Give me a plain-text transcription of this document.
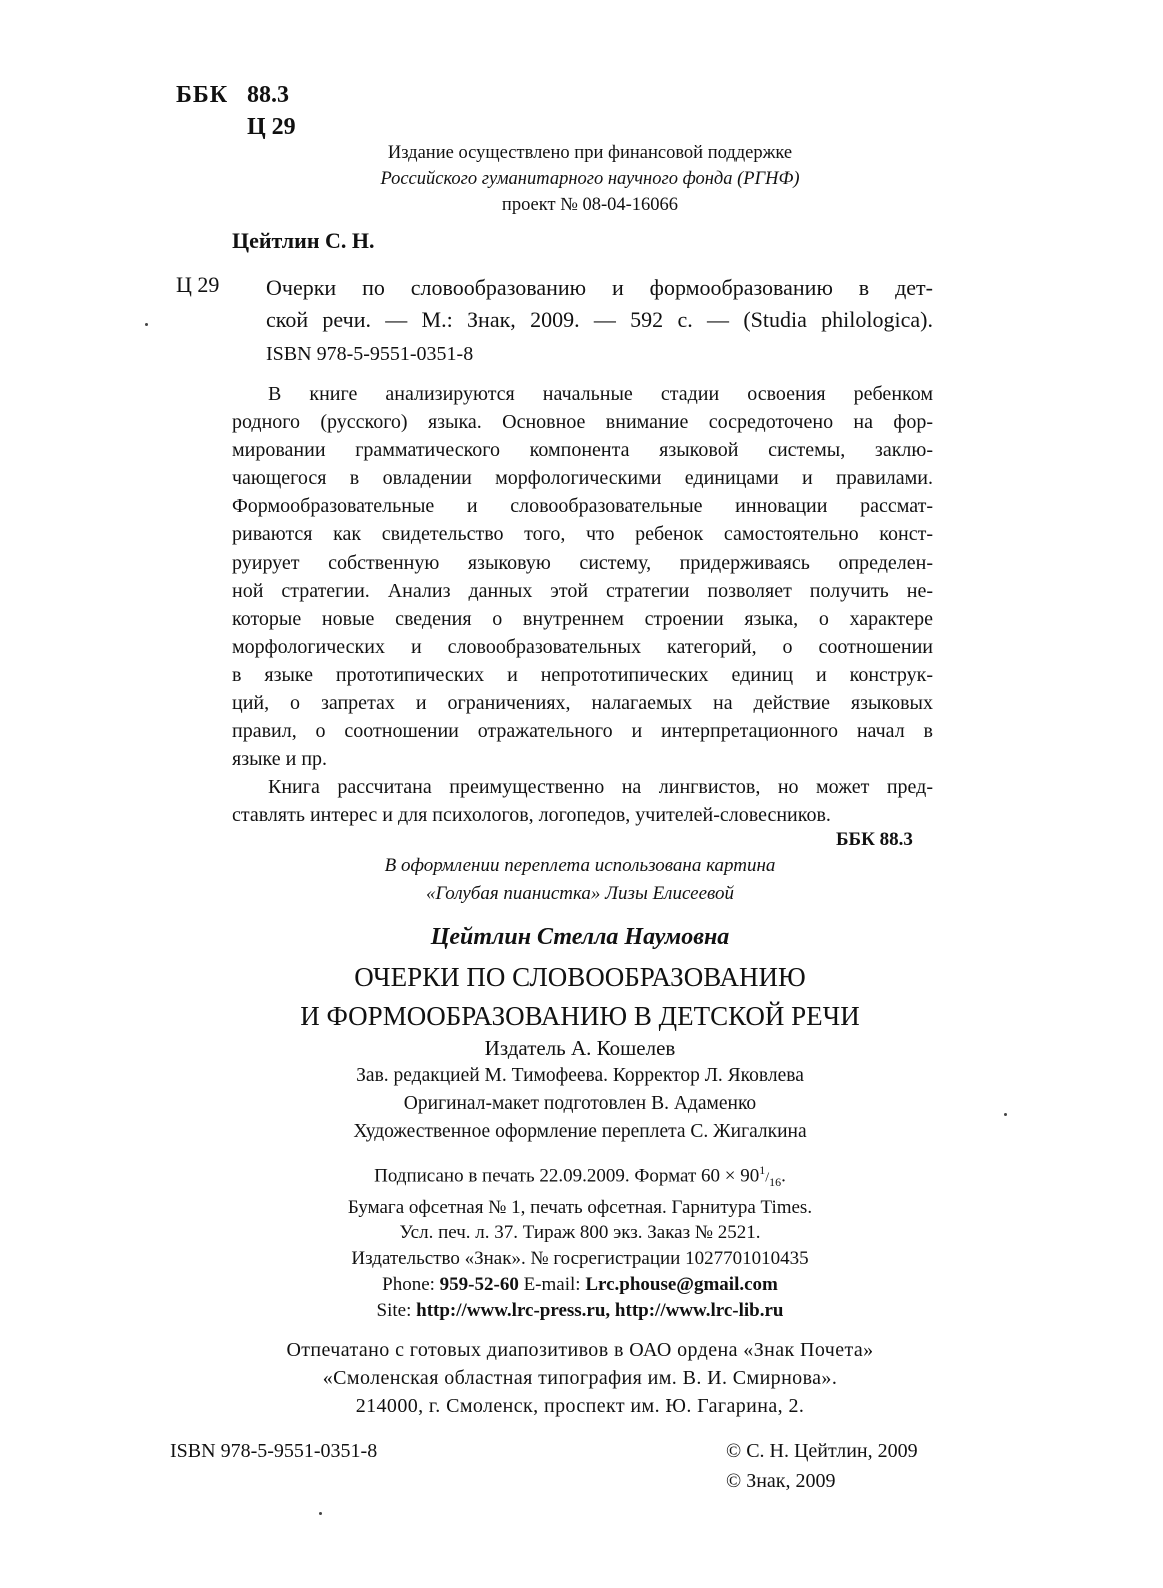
ББК 88.3
Ц 29
Издание осуществлено при финансовой поддержке
Российского гуманитарного научного фонда (РГНФ)
проект № 08-04-16066
Цейтлин С. Н.
Ц 29 Очерки по словообразованию и формообразованию в дет-
ской речи. — М.: Знак, 2009. — 592 с. — (Studia philologica).
ISBN 978-5-9551-0351-8
В книге анализируются начальные стадии освоения ребенком
родного (русского) языка. Основное внимание сосредоточено на фор-
мировании грамматического компонента языковой системы, заклю-
чающегося в овладении морфологическими единицами и правилами.
Формообразовательные и словообразовательные инновации рассмат-
риваются как свидетельство того, что ребенок самостоятельно конст-
руирует собственную языковую систему, придерживаясь определен-
ной стратегии. Анализ данных этой стратегии позволяет получить не-
которые новые сведения о внутреннем строении языка, о характере
морфологических и словообразовательных категорий, о соотношении
в языке прототипических и непрототипических единиц и конструк-
ций, о запретах и ограничениях, налагаемых на действие языковых
правил, о соотношении отражательного и интерпретационного начал в
языке и пр.
Книга рассчитана преимущественно на лингвистов, но может пред-
ставлять интерес и для психологов, логопедов, учителей-словесников.
ББК 88.3
В оформлении переплета использована картина
«Голубая пианистка» Лизы Елисеевой
Цейтлин Стелла Наумовна
ОЧЕРКИ ПО СЛОВООБРАЗОВАНИЮ
И ФОРМООБРАЗОВАНИЮ В ДЕТСКОЙ РЕЧИ
Издатель А. Кошелев
Зав. редакцией М. Тимофеева. Корректор Л. Яковлева
Оригинал-макет подготовлен В. Адаменко
Художественное оформление переплета С. Жигалкина
Подписано в печать 22.09.2009. Формат $60 \times 90^1/_{16}$.
Бумага офсетная № 1, печать офсетная. Гарнитура Times.
Усл. печ. л. 37. Тираж 800 экз. Заказ № 2521.
Издательство «Знак». № госрегистрации 1027701010435
Phone: 959-52-60 E-mail: Lrc.phouse@gmail.com
Site: http://www.lrc-press.ru, http://www.lrc-lib.ru
Отпечатано с готовых диапозитивов в ОАО ордена «Знак Почета»
«Смоленская областная типография им. В. И. Смирнова».
214000, г. Смоленск, проспект им. Ю. Гагарина, 2.
ISBN 978-5-9551-0351-8	© С. Н. Цейтлин, 2009
© Знак, 2009
